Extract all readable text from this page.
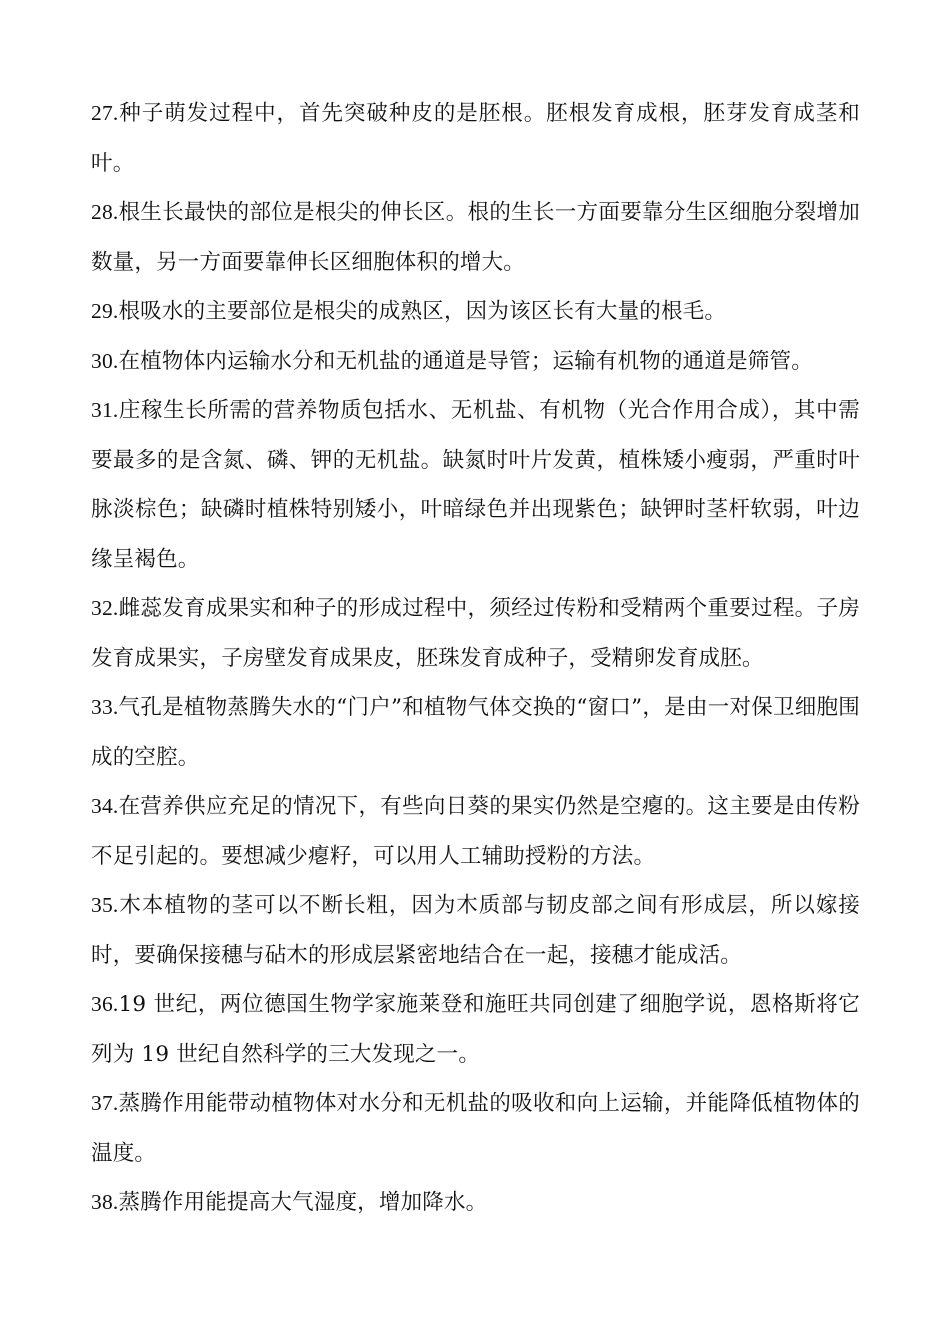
27.种子萌发过程中，首先突破种皮的是胚根。胚根发育成根，胚芽发育成茎和叶。

28.根生长最快的部位是根尖的伸长区。根的生长一方面要靠分生区细胞分裂增加数量，另一方面要靠伸长区细胞体积的增大。

29.根吸水的主要部位是根尖的成熟区，因为该区长有大量的根毛。

30.在植物体内运输水分和无机盐的通道是导管；运输有机物的通道是筛管。

31.庄稼生长所需的营养物质包括水、无机盐、有机物（光合作用合成），其中需要最多的是含氮、磷、钾的无机盐。缺氮时叶片发黄，植株矮小瘦弱，严重时叶脉淡棕色；缺磷时植株特别矮小，叶暗绿色并出现紫色；缺钾时茎杆软弱，叶边缘呈褐色。

32.雌蕊发育成果实和种子的形成过程中，须经过传粉和受精两个重要过程。子房发育成果实，子房壁发育成果皮，胚珠发育成种子，受精卵发育成胚。

33.气孔是植物蒸腾失水的“门户”和植物气体交换的“窗口”，是由一对保卫细胞围成的空腔。

34.在营养供应充足的情况下，有些向日葵的果实仍然是空瘪的。这主要是由传粉不足引起的。要想减少瘪籽，可以用人工辅助授粉的方法。

35.木本植物的茎可以不断长粗，因为木质部与韧皮部之间有形成层，所以嫁接时，要确保接穗与砧木的形成层紧密地结合在一起，接穗才能成活。

36.19 世纪，两位德国生物学家施莱登和施旺共同创建了细胞学说，恩格斯将它列为 19 世纪自然科学的三大发现之一。

37.蒸腾作用能带动植物体对水分和无机盐的吸收和向上运输，并能降低植物体的温度。

38.蒸腾作用能提高大气湿度，增加降水。
